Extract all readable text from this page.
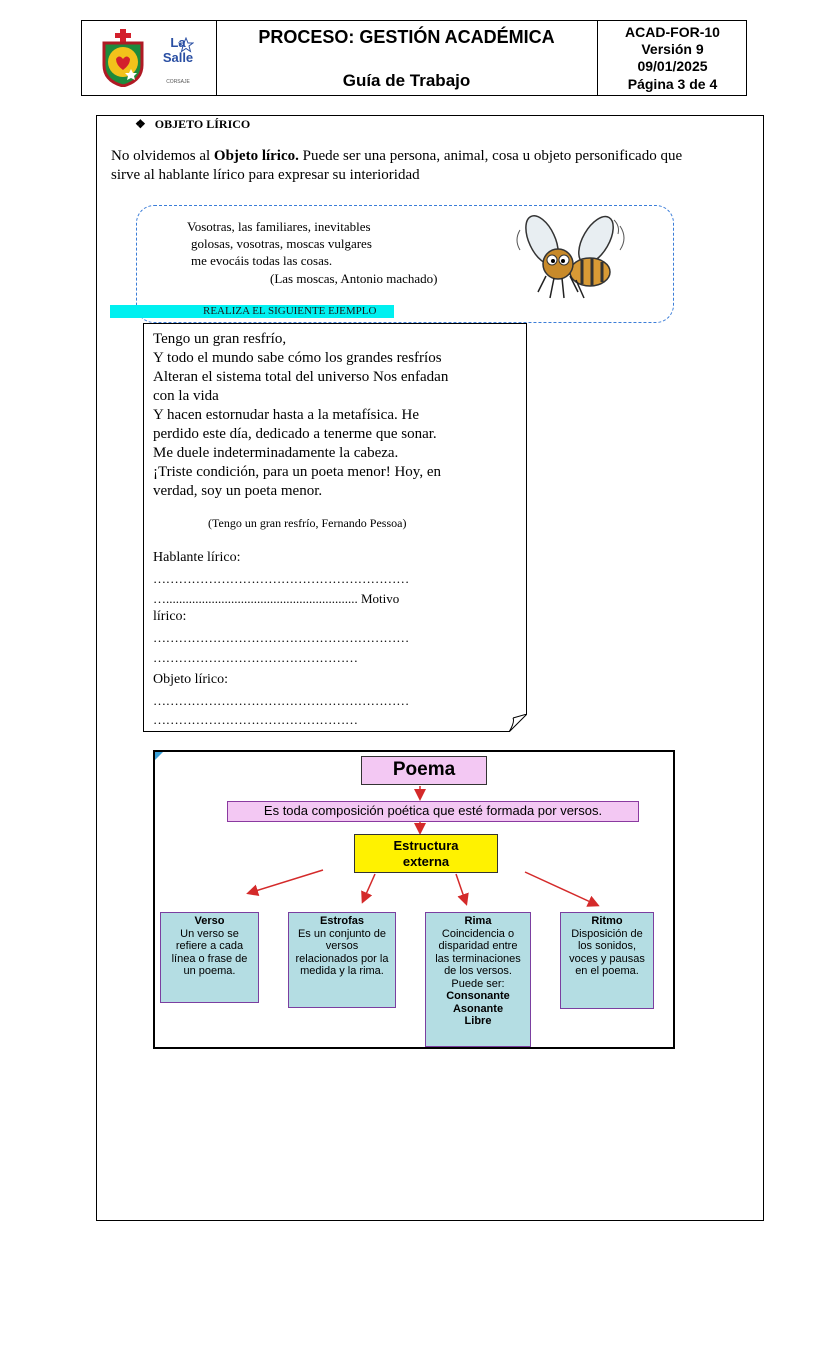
La Salle
CORSAJE
PROCESO: GESTIÓN ACADÉMICA
Guía de Trabajo
ACAD-FOR-10
Versión 9
09/01/2025
Página 3 de 4
❖ OBJETO LÍRICO
No olvidemos al Objeto lírico. Puede ser una persona, animal, cosa u objeto personificado que
sirve al hablante lírico para expresar su interioridad
Vosotras, las familiares, inevitables
golosas, vosotras, moscas vulgares
me evocáis todas las cosas.
(Las moscas, Antonio machado)
REALIZA EL SIGUIENTE EJEMPLO
Tengo un gran resfrío,
Y todo el mundo sabe cómo los grandes resfríos
Alteran el sistema total del universo Nos enfadan
con la vida
Y hacen estornudar hasta a la metafísica. He
perdido este día, dedicado a tenerme que sonar.
Me duele indeterminadamente la cabeza.
¡Triste condición, para un poeta menor! Hoy, en
verdad, soy un poeta menor.
(Tengo un gran resfrío, Fernando Pessoa)
Hablante lírico:
……………………………………………………
…........................................................... Motivo
lírico:
……………………………………………………
…………………………………………
Objeto lírico:
……………………………………………………
…………………………………………
Poema
Es toda composición poética que esté formada por versos.
Estructura externa
Verso
Un verso se refiere a cada línea o frase de un poema.
Estrofas
Es un conjunto de versos relacionados por la medida y la rima.
Rima
Coincidencia o disparidad entre las terminaciones de los versos. Puede ser:
Consonante
Asonante
Libre
Ritmo
Disposición de los sonidos, voces y pausas en el poema.
